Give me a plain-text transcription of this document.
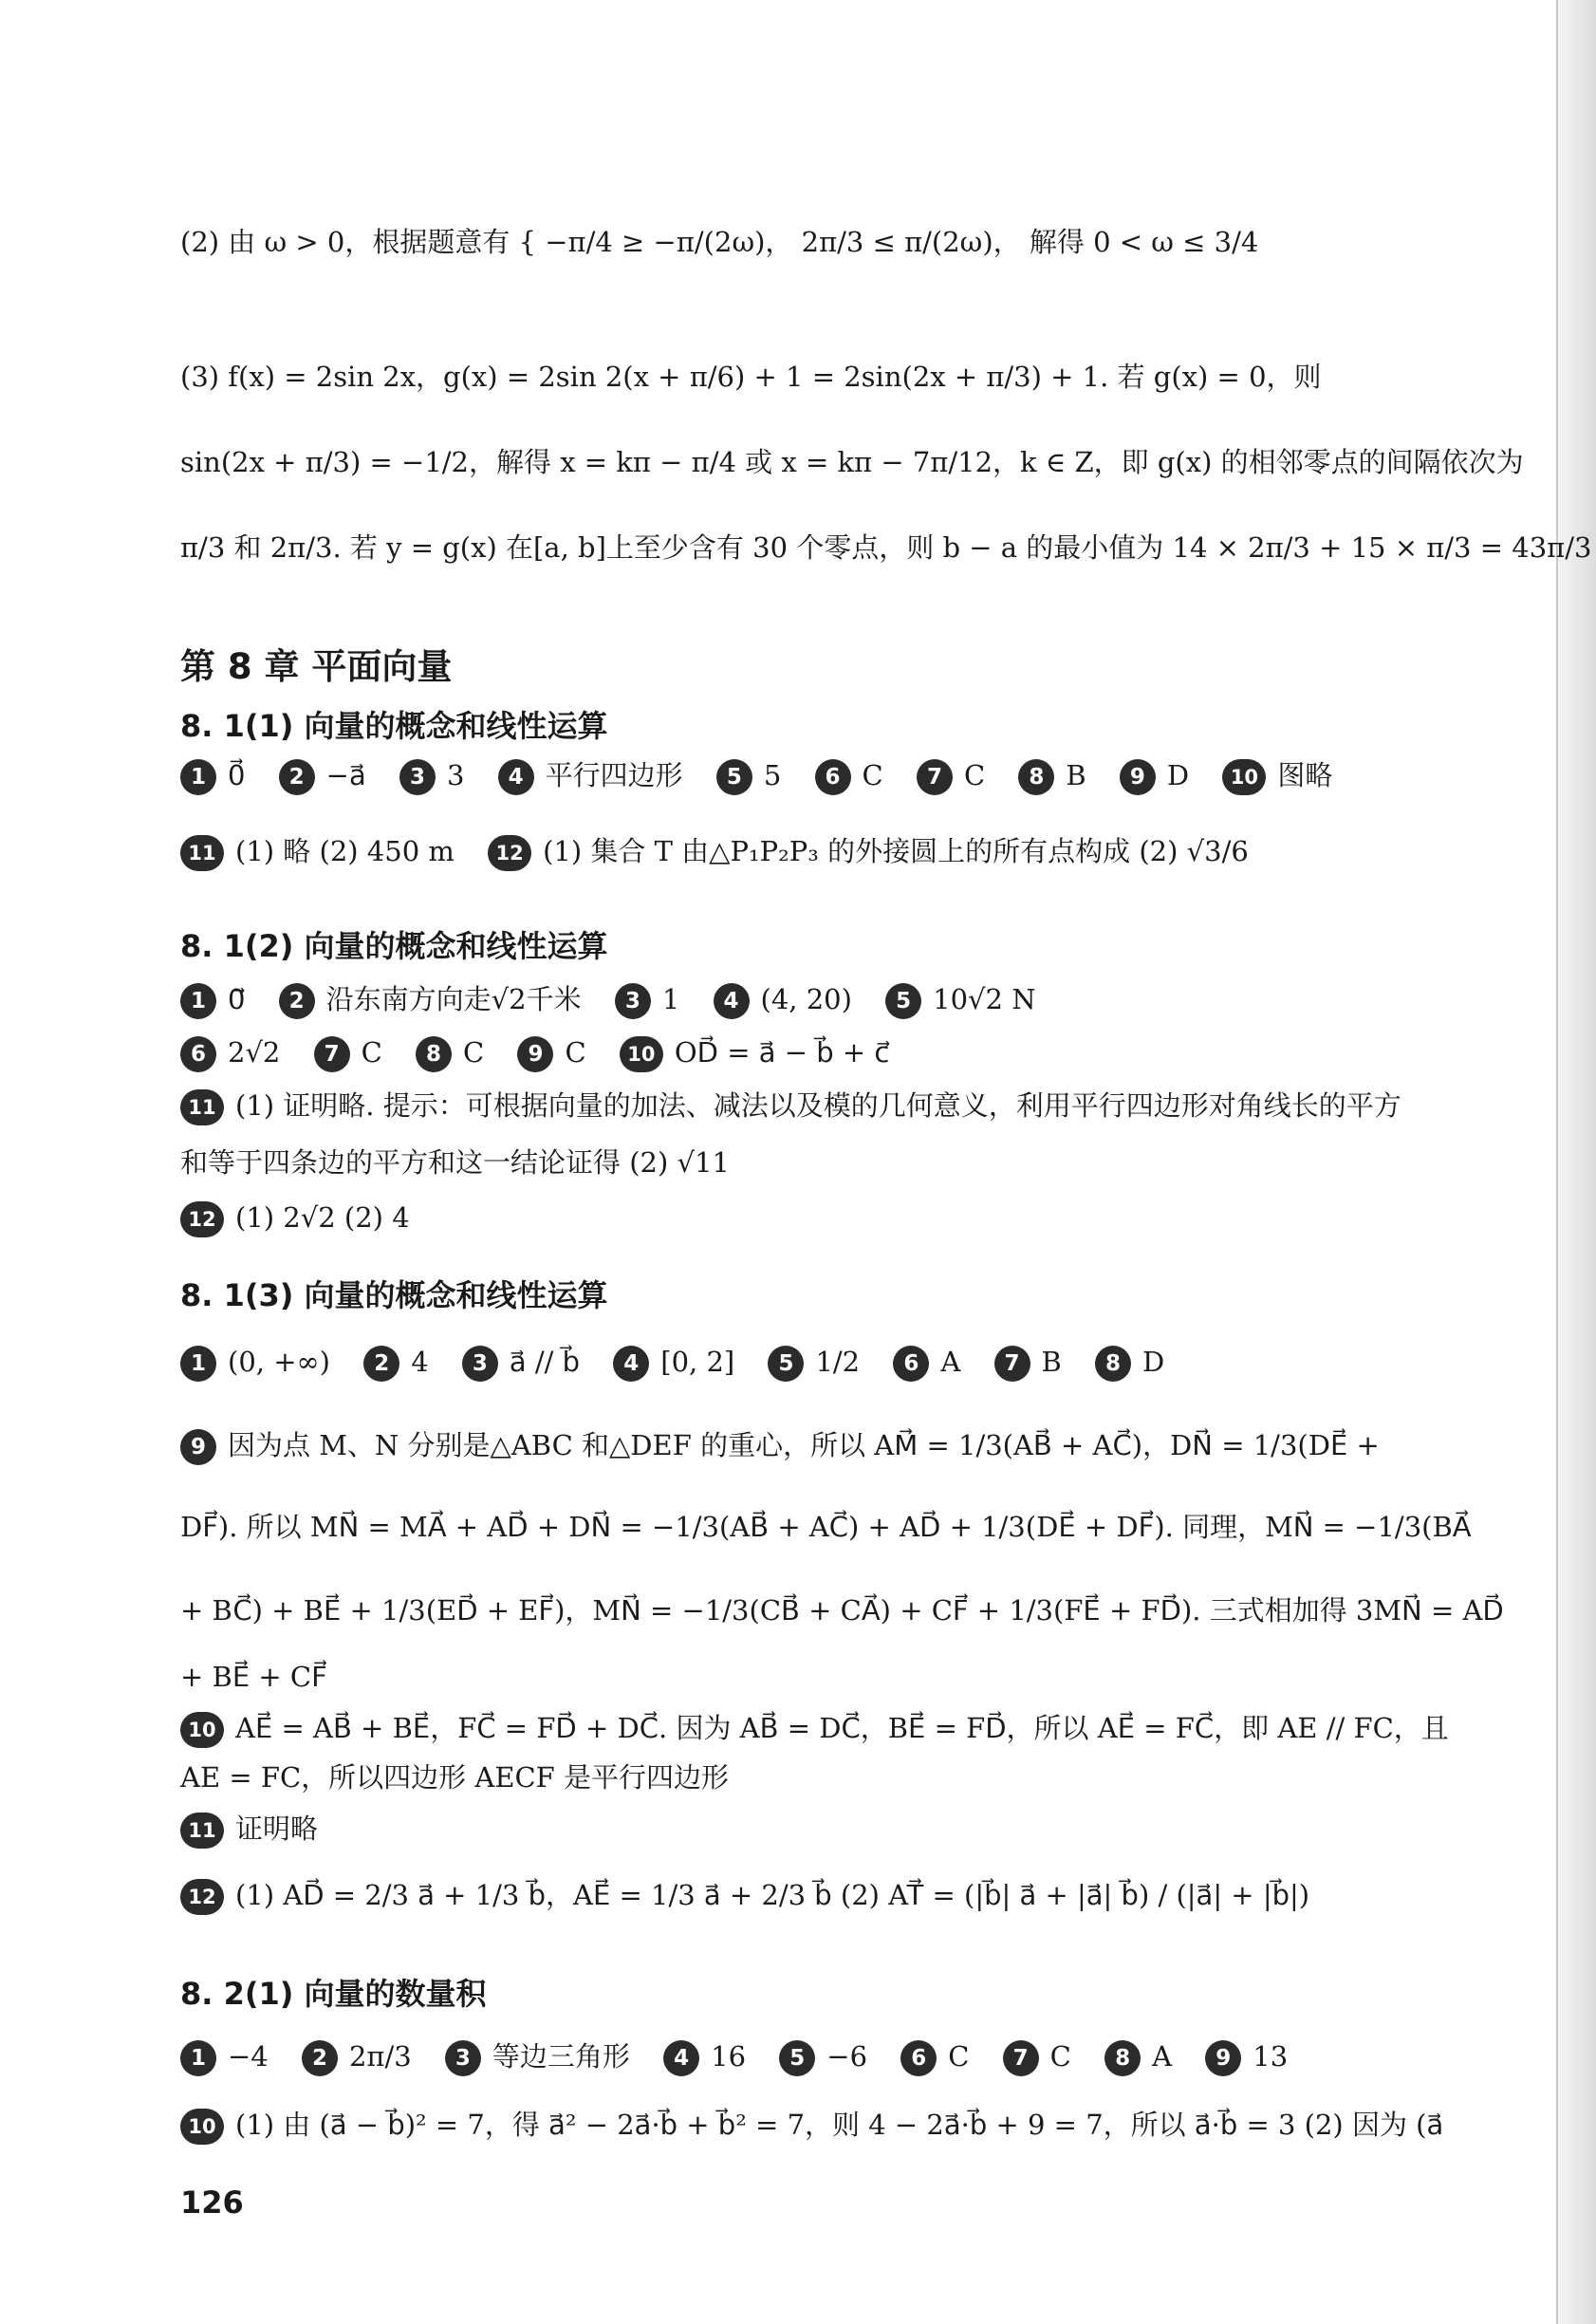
(2) 由 ω > 0，根据题意有 { −π/4 ≥ −π/(2ω)， 2π/3 ≤ π/(2ω)， 解得 0 < ω ≤ 3/4
(3) f(x) = 2sin 2x，g(x) = 2sin 2(x + π/6) + 1 = 2sin(2x + π/3) + 1. 若 g(x) = 0，则
sin(2x + π/3) = −1/2，解得 x = kπ − π/4 或 x = kπ − 7π/12，k ∈ Z，即 g(x) 的相邻零点的间隔依次为
π/3 和 2π/3. 若 y = g(x) 在[a, b]上至少含有 30 个零点，则 b − a 的最小值为 14 × 2π/3 + 15 × π/3 = 43π/3
第 8 章 平面向量
8. 1(1) 向量的概念和线性运算
1 0⃗ 2 −a⃗ 3 3 4 平行四边形 5 5 6 C 7 C 8 B 9 D 10 图略
11 (1) 略 (2) 450 m 12 (1) 集合 T 由△P₁P₂P₃ 的外接圆上的所有点构成 (2) √3/6
8. 1(2) 向量的概念和线性运算
1 0⃗ 2 沿东南方向走√2千米 3 1 4 (4, 20) 5 10√2 N
6 2√2 7 C 8 C 9 C 10 OD⃗ = a⃗ − b⃗ + c⃗
11 (1) 证明略. 提示：可根据向量的加法、减法以及模的几何意义，利用平行四边形对角线长的平方
和等于四条边的平方和这一结论证得 (2) √11
12 (1) 2√2 (2) 4
8. 1(3) 向量的概念和线性运算
1 (0, +∞) 2 4 3 a⃗ // b⃗ 4 [0, 2] 5 1/2 6 A 7 B 8 D
9 因为点 M、N 分别是△ABC 和△DEF 的重心，所以 AM⃗ = 1/3(AB⃗ + AC⃗)，DN⃗ = 1/3(DE⃗ +
DF⃗). 所以 MN⃗ = MA⃗ + AD⃗ + DN⃗ = −1/3(AB⃗ + AC⃗) + AD⃗ + 1/3(DE⃗ + DF⃗). 同理，MN⃗ = −1/3(BA⃗
+ BC⃗) + BE⃗ + 1/3(ED⃗ + EF⃗)，MN⃗ = −1/3(CB⃗ + CA⃗) + CF⃗ + 1/3(FE⃗ + FD⃗). 三式相加得 3MN⃗ = AD⃗
+ BE⃗ + CF⃗
10 AE⃗ = AB⃗ + BE⃗，FC⃗ = FD⃗ + DC⃗. 因为 AB⃗ = DC⃗，BE⃗ = FD⃗，所以 AE⃗ = FC⃗，即 AE // FC，且
AE = FC，所以四边形 AECF 是平行四边形
11 证明略
12 (1) AD⃗ = 2/3 a⃗ + 1/3 b⃗，AE⃗ = 1/3 a⃗ + 2/3 b⃗ (2) AT⃗ = (|b⃗| a⃗ + |a⃗| b⃗) / (|a⃗| + |b⃗|)
8. 2(1) 向量的数量积
1 −4 2 2π/3 3 等边三角形 4 16 5 −6 6 C 7 C 8 A 9 13
10 (1) 由 (a⃗ − b⃗)² = 7，得 a⃗² − 2a⃗·b⃗ + b⃗² = 7，则 4 − 2a⃗·b⃗ + 9 = 7，所以 a⃗·b⃗ = 3 (2) 因为 (a⃗
126
